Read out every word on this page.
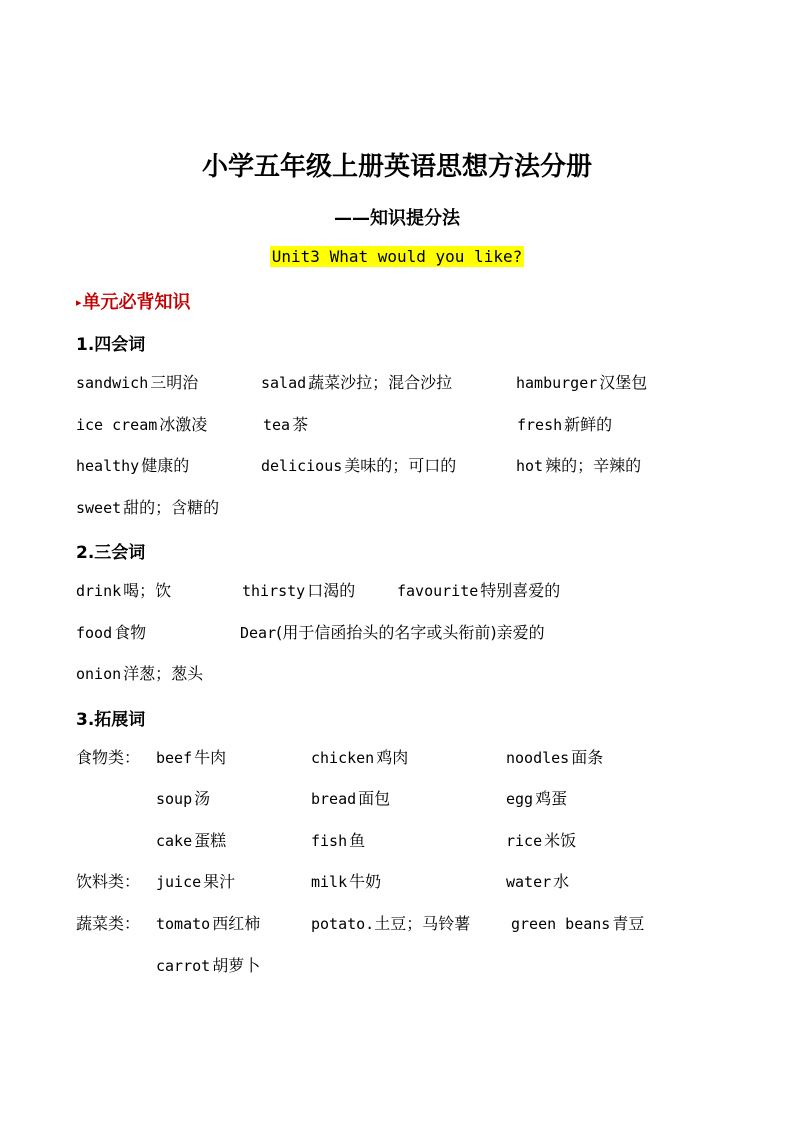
小学五年级上册英语思想方法分册
——知识提分法
Unit3 What would you like?
▸单元必背知识
1.四会词
sandwich 三明治	salad 蔬菜沙拉；混合沙拉	hamburger 汉堡包
ice cream 冰激凌	tea 茶	fresh 新鲜的
healthy 健康的	delicious 美味的；可口的	hot 辣的；辛辣的
sweet 甜的；含糖的
2.三会词
drink 喝；饮	thirsty 口渴的	favourite 特别喜爱的
food 食物	Dear(用于信函抬头的名字或头衔前)亲爱的
onion 洋葱；葱头
3.拓展词
食物类： beef 牛肉	chicken 鸡肉	noodles 面条
soup 汤	bread 面包	egg 鸡蛋
cake 蛋糕	fish 鱼	rice 米饭
饮料类： juice 果汁	milk 牛奶	water 水
蔬菜类： tomato 西红柿	potato.土豆；马铃薯	green beans 青豆
carrot 胡萝卜
